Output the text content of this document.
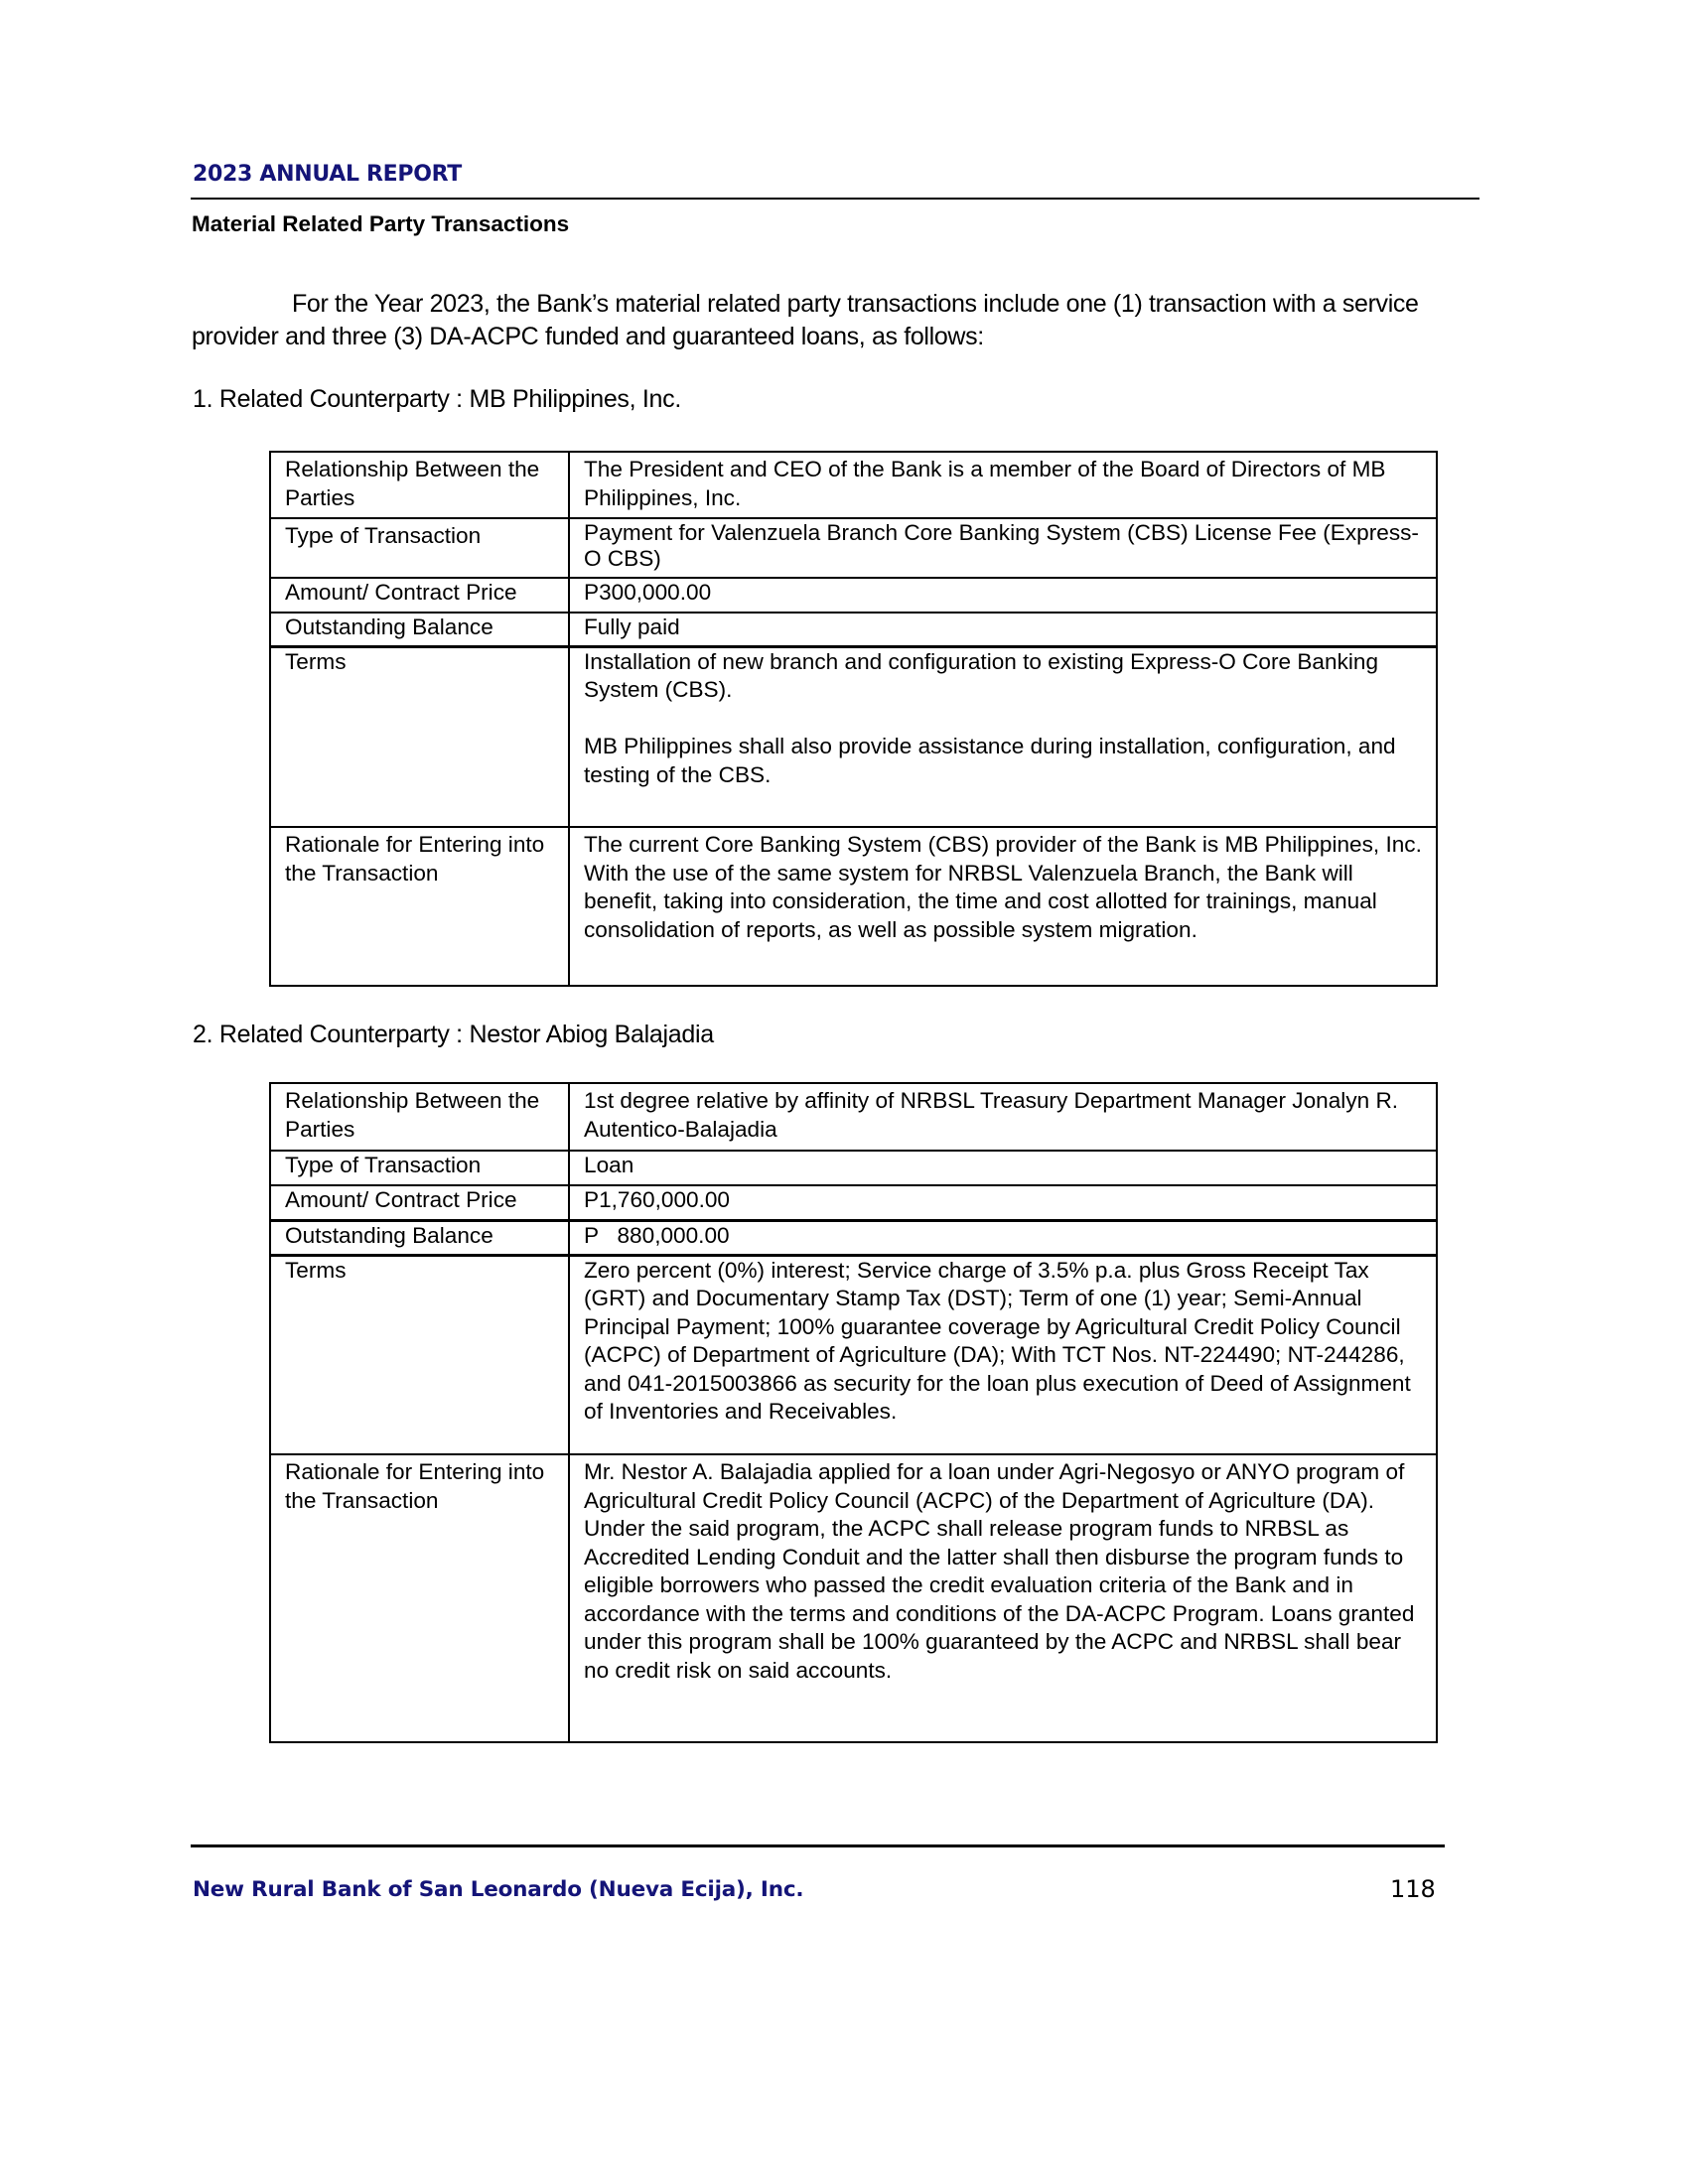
2023 ANNUAL REPORT
Material Related Party Transactions

For the Year 2023, the Bank’s material related party transactions include one (1) transaction with a service provider and three (3) DA-ACPC funded and guaranteed loans, as follows:

1. Related Counterparty : MB Philippines, Inc.
Relationship Between the Parties	The President and CEO of the Bank is a member of the Board of Directors of MB Philippines, Inc.
Type of Transaction	Payment for Valenzuela Branch Core Banking System (CBS) License Fee (Express-O CBS)
Amount/ Contract Price	P300,000.00
Outstanding Balance	Fully paid
Terms	Installation of new branch and configuration to existing Express-O Core Banking System (CBS).
MB Philippines shall also provide assistance during installation, configuration, and testing of the CBS.

Rationale for Entering into the Transaction	The current Core Banking System (CBS) provider of the Bank is MB Philippines, Inc. With the use of the same system for NRBSL Valenzuela Branch, the Bank will benefit, taking into consideration, the time and cost allotted for trainings, manual consolidation of reports, as well as possible system migration.
2. Related Counterparty : Nestor Abiog Balajadia
Relationship Between the Parties	1st degree relative by affinity of NRBSL Treasury Department Manager Jonalyn R. Autentico-Balajadia
Type of Transaction	Loan
Amount/ Contract Price	P1,760,000.00
Outstanding Balance	P   880,000.00
Terms	Zero percent (0%) interest; Service charge of 3.5% p.a. plus Gross Receipt Tax (GRT) and Documentary Stamp Tax (DST); Term of one (1) year; Semi-Annual Principal Payment; 100% guarantee coverage by Agricultural Credit Policy Council (ACPC) of Department of Agriculture (DA); With TCT Nos. NT-224490; NT-244286, and 041-2015003866 as security for the loan plus execution of Deed of Assignment of Inventories and Receivables.
Rationale for Entering into the Transaction	Mr. Nestor A. Balajadia applied for a loan under Agri-Negosyo or ANYO program of Agricultural Credit Policy Council (ACPC) of the Department of Agriculture (DA). Under the said program, the ACPC shall release program funds to NRBSL as Accredited Lending Conduit and the latter shall then disburse the program funds to eligible borrowers who passed the credit evaluation criteria of the Bank and in accordance with the terms and conditions of the DA-ACPC Program. Loans granted under this program shall be 100% guaranteed by the ACPC and NRBSL shall bear no credit risk on said accounts.
New Rural Bank of San Leonardo (Nueva Ecija), Inc.	118
